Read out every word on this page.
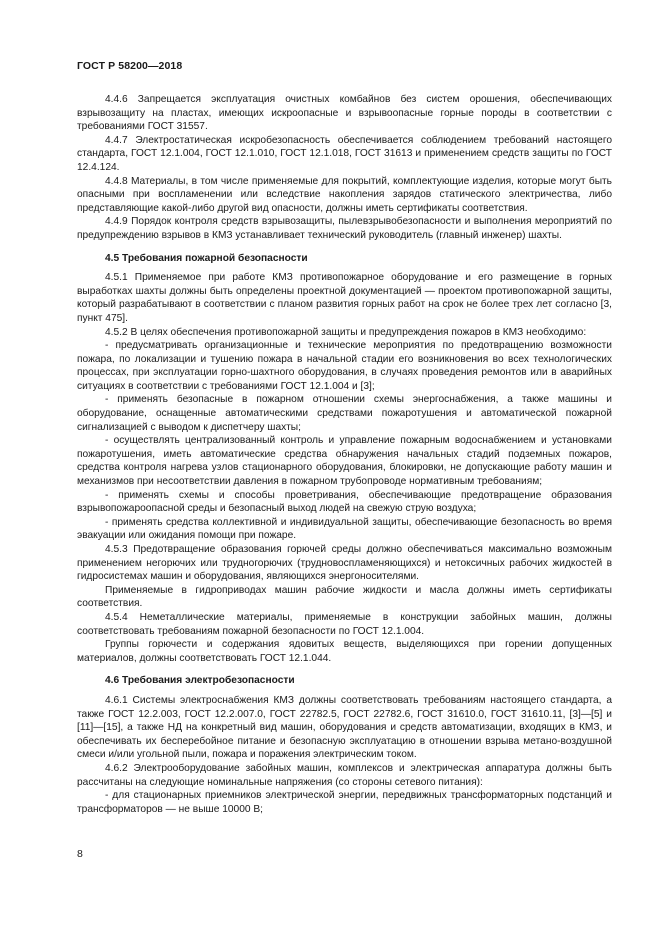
ГОСТ Р 58200—2018

4.4.6 Запрещается эксплуатация очистных комбайнов без систем орошения, обеспечивающих взрывозащиту на пластах, имеющих искроопасные и взрывоопасные горные породы в соответствии с требованиями ГОСТ 31557.

4.4.7 Электростатическая искробезопасность обеспечивается соблюдением требований настоящего стандарта, ГОСТ 12.1.004, ГОСТ 12.1.010, ГОСТ 12.1.018, ГОСТ 31613 и применением средств защиты по ГОСТ 12.4.124.

4.4.8 Материалы, в том числе применяемые для покрытий, комплектующие изделия, которые могут быть опасными при воспламенении или вследствие накопления зарядов статического электричества, либо представляющие какой-либо другой вид опасности, должны иметь сертификаты соответствия.

4.4.9 Порядок контроля средств взрывозащиты, пылевзрывобезопасности и выполнения мероприятий по предупреждению взрывов в КМЗ устанавливает технический руководитель (главный инженер) шахты.

4.5 Требования пожарной безопасности

4.5.1 Применяемое при работе КМЗ противопожарное оборудование и его размещение в горных выработках шахты должны быть определены проектной документацией — проектом противопожарной защиты, который разрабатывают в соответствии с планом развития горных работ на срок не более трех лет согласно [3, пункт 475].

4.5.2 В целях обеспечения противопожарной защиты и предупреждения пожаров в КМЗ необходимо:

- предусматривать организационные и технические мероприятия по предотвращению возможности пожара, по локализации и тушению пожара в начальной стадии его возникновения во всех технологических процессах, при эксплуатации горно-шахтного оборудования, в случаях проведения ремонтов или в аварийных ситуациях в соответствии с требованиями ГОСТ 12.1.004 и [3];

- применять безопасные в пожарном отношении схемы энергоснабжения, а также машины и оборудование, оснащенные автоматическими средствами пожаротушения и автоматической пожарной сигнализацией с выводом к диспетчеру шахты;

- осуществлять централизованный контроль и управление пожарным водоснабжением и установками пожаротушения, иметь автоматические средства обнаружения начальных стадий подземных пожаров, средства контроля нагрева узлов стационарного оборудования, блокировки, не допускающие работу машин и механизмов при несоответствии давления в пожарном трубопроводе нормативным требованиям;

- применять схемы и способы проветривания, обеспечивающие предотвращение образования взрывопожароопасной среды и безопасный выход людей на свежую струю воздуха;

- применять средства коллективной и индивидуальной защиты, обеспечивающие безопасность во время эвакуации или ожидания помощи при пожаре.

4.5.3 Предотвращение образования горючей среды должно обеспечиваться максимально возможным применением негорючих или трудногорючих (трудновоспламеняющихся) и нетоксичных рабочих жидкостей в гидросистемах машин и оборудования, являющихся энергоносителями.

Применяемые в гидроприводах машин рабочие жидкости и масла должны иметь сертификаты соответствия.

4.5.4 Неметаллические материалы, применяемые в конструкции забойных машин, должны соответствовать требованиям пожарной безопасности по ГОСТ 12.1.004.

Группы горючести и содержания ядовитых веществ, выделяющихся при горении допущенных материалов, должны соответствовать ГОСТ 12.1.044.

4.6 Требования электробезопасности

4.6.1 Системы электроснабжения КМЗ должны соответствовать требованиям настоящего стандарта, а также ГОСТ 12.2.003, ГОСТ 12.2.007.0, ГОСТ 22782.5, ГОСТ 22782.6, ГОСТ 31610.0, ГОСТ 31610.11, [3]—[5] и [11]—[15], а также НД на конкретный вид машин, оборудования и средств автоматизации, входящих в КМЗ, и обеспечивать их бесперебойное питание и безопасную эксплуатацию в отношении взрыва метано-воздушной смеси и/или угольной пыли, пожара и поражения электрическим током.

4.6.2 Электрооборудование забойных машин, комплексов и электрическая аппаратура должны быть рассчитаны на следующие номинальные напряжения (со стороны сетевого питания):

- для стационарных приемников электрической энергии, передвижных трансформаторных подстанций и трансформаторов — не выше 10000 В;

8
